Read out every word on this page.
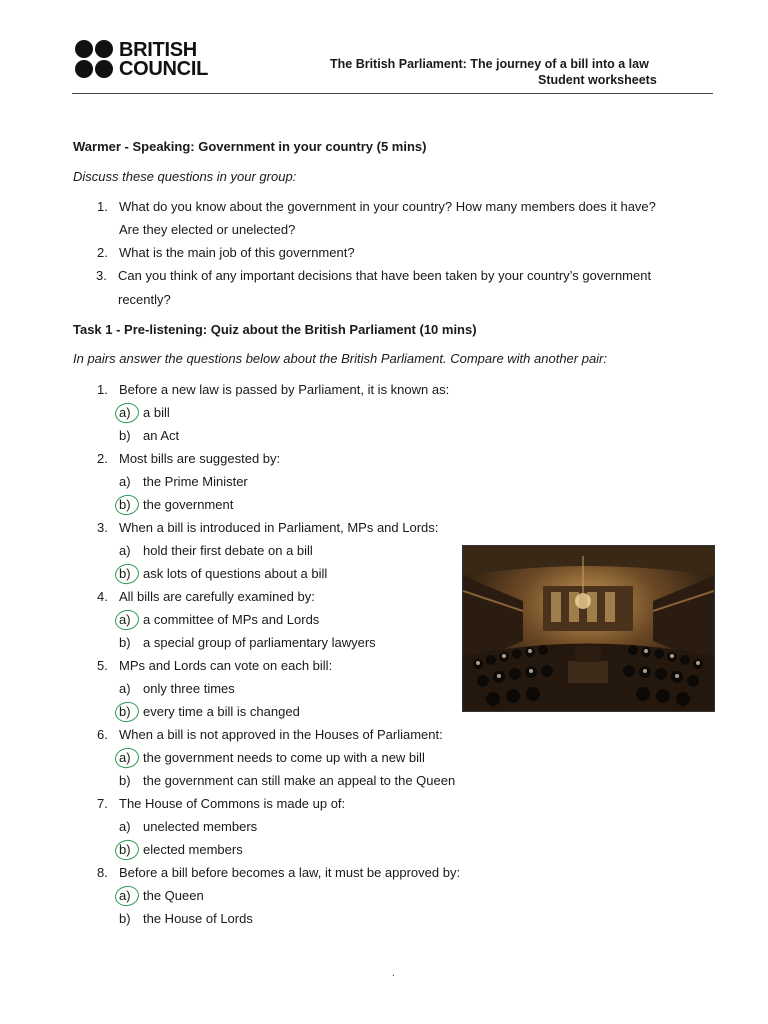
BRITISH
COUNCIL	The British Parliament: The journey of a bill into a law
Student worksheets
Warmer - Speaking: Government in your country (5 mins)
Discuss these questions in your group:
1. What do you know about the government in your country? How many members does it have?
Are they elected or unelected?
2. What is the main job of this government?
3. Can you think of any important decisions that have been taken by your country’s government
recently?
Task 1 - Pre-listening: Quiz about the British Parliament (10 mins)
In pairs answer the questions below about the British Parliament. Compare with another pair:
1. Before a new law is passed by Parliament, it is known as:
a) a bill
b) an Act
2. Most bills are suggested by:
a) the Prime Minister
b) the government
3. When a bill is introduced in Parliament, MPs and Lords:
a) hold their first debate on a bill
b) ask lots of questions about a bill
4. All bills are carefully examined by:
a) a committee of MPs and Lords
b) a special group of parliamentary lawyers
5. MPs and Lords can vote on each bill:
a) only three times
b) every time a bill is changed
6. When a bill is not approved in the Houses of Parliament:
a) the government needs to come up with a new bill
b) the government can still make an appeal to the Queen
7. The House of Commons is made up of:
a) unelected members
b) elected members
8. Before a bill before becomes a law, it must be approved by:
a) the Queen
b) the House of Lords
.
